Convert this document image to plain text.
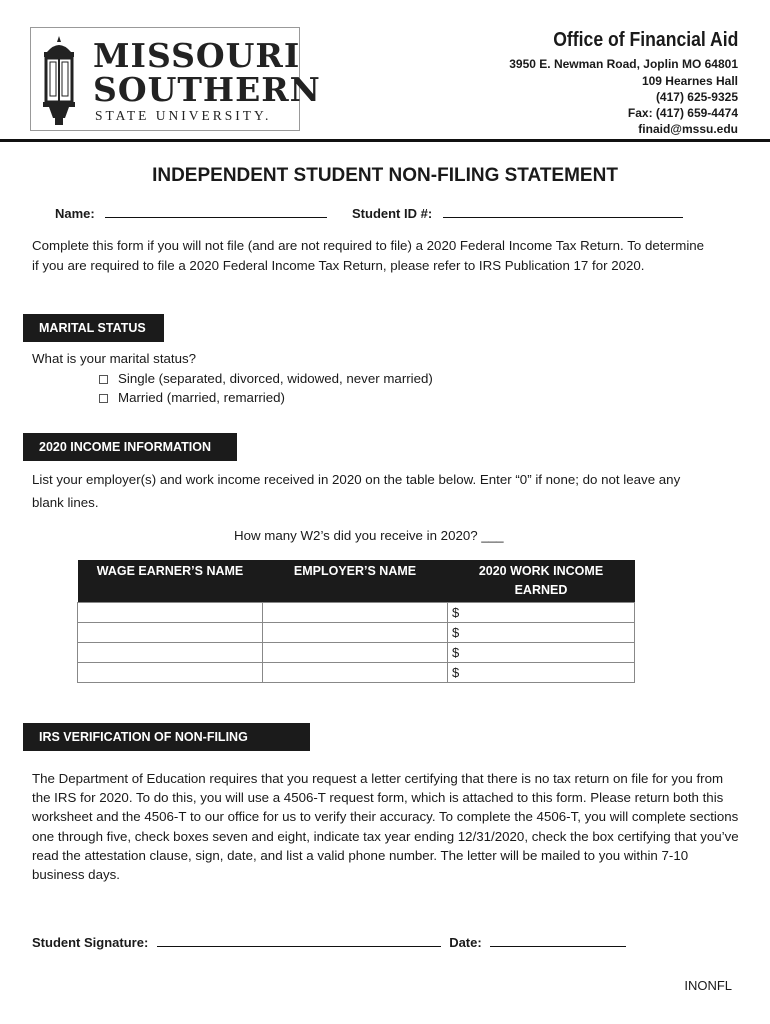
MISSOURI
SOUTHERN
STATE UNIVERSITY.
Office of Financial Aid
3950 E. Newman Road, Joplin MO 64801
109 Hearnes Hall
(417) 625-9325
Fax: (417) 659-4474
finaid@mssu.edu
INDEPENDENT STUDENT NON-FILING STATEMENT
Name:	Student ID #:
Complete this form if you will not file (and are not required to file) a 2020 Federal Income Tax Return. To determine if you are required to file a 2020 Federal Income Tax Return, please refer to IRS Publication 17 for 2020.
MARITAL STATUS
What is your marital status?
Single (separated, divorced, widowed, never married)
Married (married, remarried)
2020 INCOME INFORMATION
List your employer(s) and work income received in 2020 on the table below. Enter “0” if none; do not leave any blank lines.
How many W2’s did you receive in 2020? ___
WAGE EARNER’S NAME	EMPLOYER’S NAME	2020 WORK INCOME EARNED
		$
		$
		$
		$
IRS VERIFICATION OF NON-FILING LETTER
The Department of Education requires that you request a letter certifying that there is no tax return on file for you from the IRS for 2020. To do this, you will use a 4506-T request form, which is attached to this form. Please return both this worksheet and the 4506-T to our office for us to verify their accuracy. To complete the 4506-T, you will complete sections one through five, check boxes seven and eight, indicate tax year ending 12/31/2020, check the box certifying that you’ve read the attestation clause, sign, date, and list a valid phone number. The letter will be mailed to you within 7-10 business days.
Student Signature:	Date:
INONFL
